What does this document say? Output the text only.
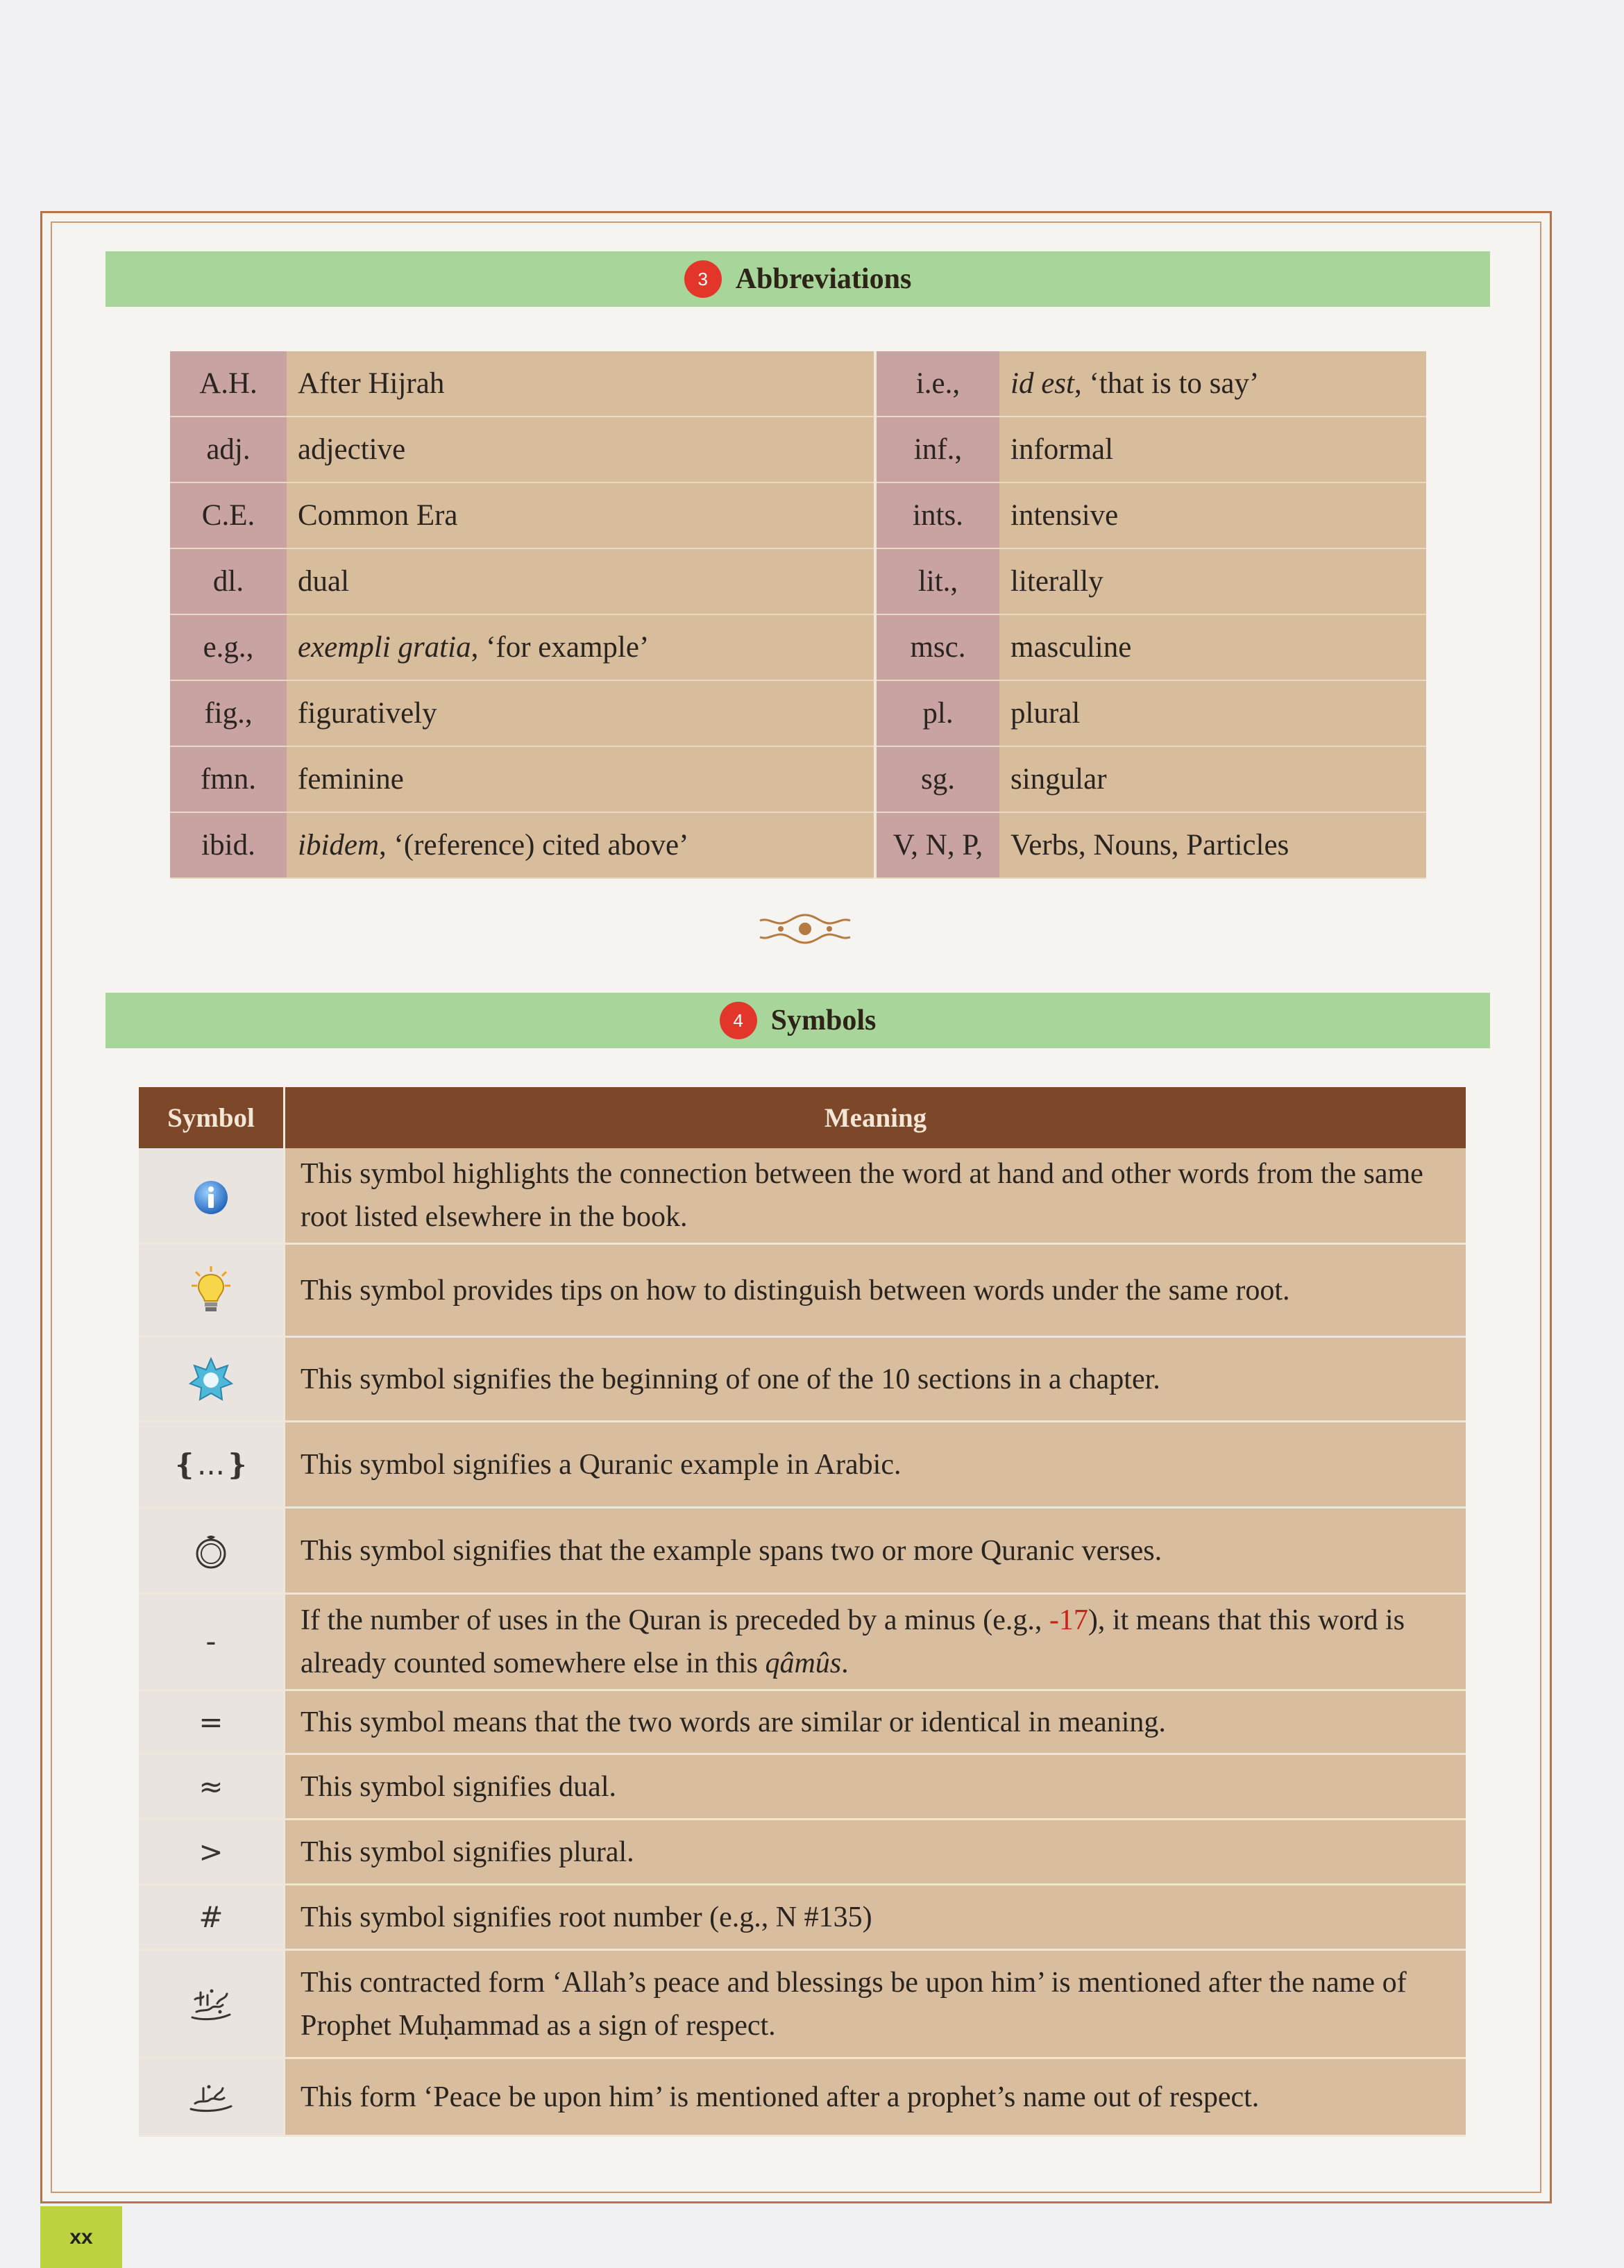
3 Abbreviations
A.H.	After Hijrah	i.e.,	id est, ‘that is to say’
adj.	adjective	inf.,	informal
C.E.	Common Era	ints.	intensive
dl.	dual	lit.,	literally
e.g.,	exempli gratia, ‘for example’	msc.	masculine
fig.,	figuratively	pl.	plural
fmn.	feminine	sg.	singular
ibid.	ibidem, ‘(reference) cited above’	V, N, P,	Verbs, Nouns, Particles
4 Symbols
Symbol	Meaning
	This symbol highlights the connection between the word at hand and other words from the same root listed elsewhere in the book.
	This symbol provides tips on how to distinguish between words under the same root.
	This symbol signifies the beginning of one of the 10 sections in a chapter.
❴...❵	This symbol signifies a Quranic example in Arabic.
	This symbol signifies that the example spans two or more Quranic verses.
-	If the number of uses in the Quran is preceded by a minus (e.g., -17), it means that this word is already counted somewhere else in this qâmûs.
=	This symbol means that the two words are similar or identical in meaning.
≈	This symbol signifies dual.
>	This symbol signifies plural.
#	This symbol signifies root number (e.g., N #135)
	This contracted form ‘Allah’s peace and blessings be upon him’ is mentioned after the name of Prophet Muḥammad as a sign of respect.
	This form ‘Peace be upon him’ is mentioned after a prophet’s name out of respect.
xx
